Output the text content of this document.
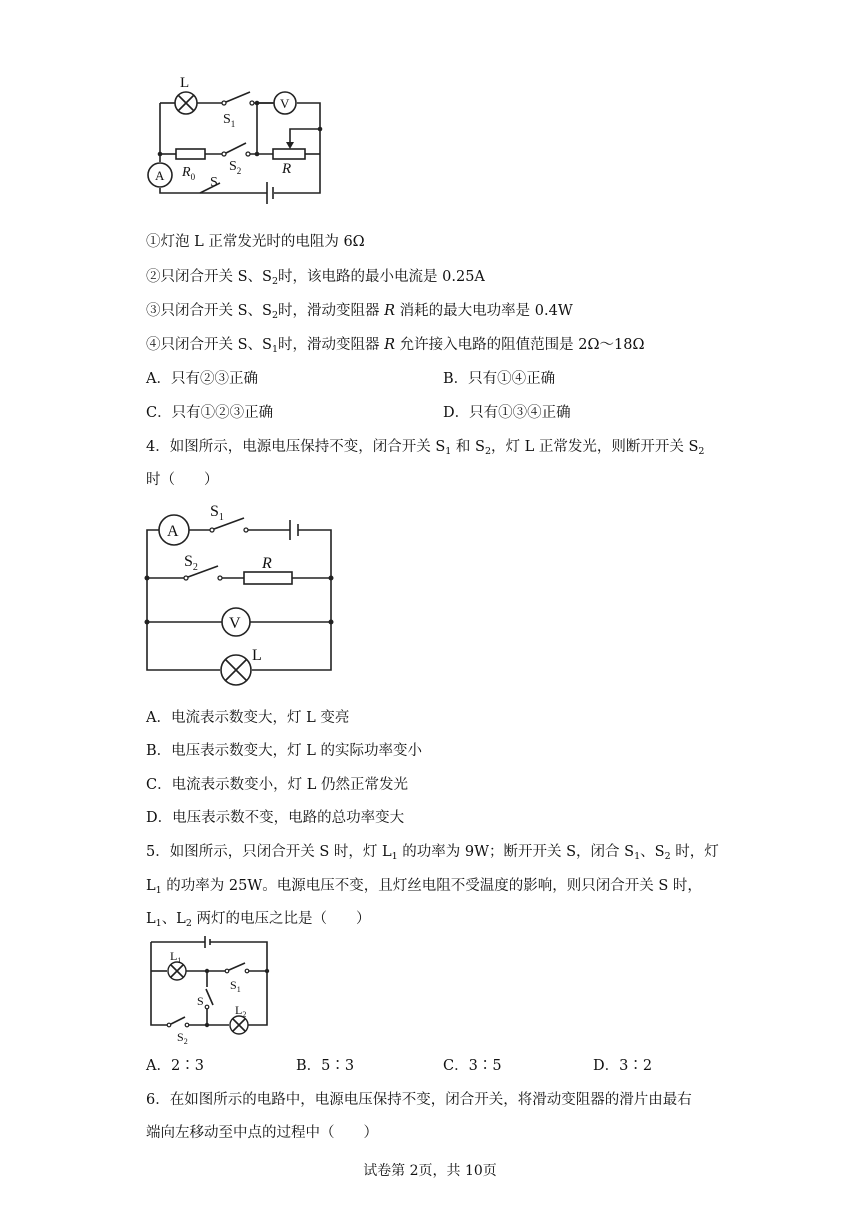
L
$S_1$
V
$R_0$
$S_2$	R
A	S
①灯泡 L 正常发光时的电阻为 6Ω
②只闭合开关 S、$S_2$时，该电路的最小电流是 0.25A
③只闭合开关 S、$S_2$时，滑动变阻器 R 消耗的最大电功率是 0.4W
④只闭合开关 S、$S_1$时，滑动变阻器 R 允许接入电路的阻值范围是 2Ω～18Ω
A．只有②③正确	B．只有①④正确
C．只有①②③正确	D．只有①③④正确
4．如图所示，电源电压保持不变，闭合开关 $S_1$ 和 $S_2$，灯 L 正常发光，则断开开关 $S_2$
时（　　）
A
$S_1$
$S_2$	R
V
L
A．电流表示数变大，灯 L 变亮
B．电压表示数变大，灯 L 的实际功率变小
C．电流表示数变小，灯 L 仍然正常发光
D．电压表示数不变，电路的总功率变大
5．如图所示，只闭合开关 S 时，灯 $L_1$ 的功率为 9W；断开开关 S，闭合 $S_1$、$S_2$ 时，灯
$L_1$ 的功率为 25W。电源电压不变，且灯丝电阻不受温度的影响，则只闭合开关 S 时，
$L_1$、$L_2$ 两灯的电压之比是（　　）
$L_1$
$S_1$
S
$L_2$
$S_2$
A．2∶3	B．5∶3	C．3∶5	D．3∶2
6．在如图所示的电路中，电源电压保持不变，闭合开关，将滑动变阻器的滑片由最右
端向左移动至中点的过程中（　　）
试卷第 2页，共 10页
